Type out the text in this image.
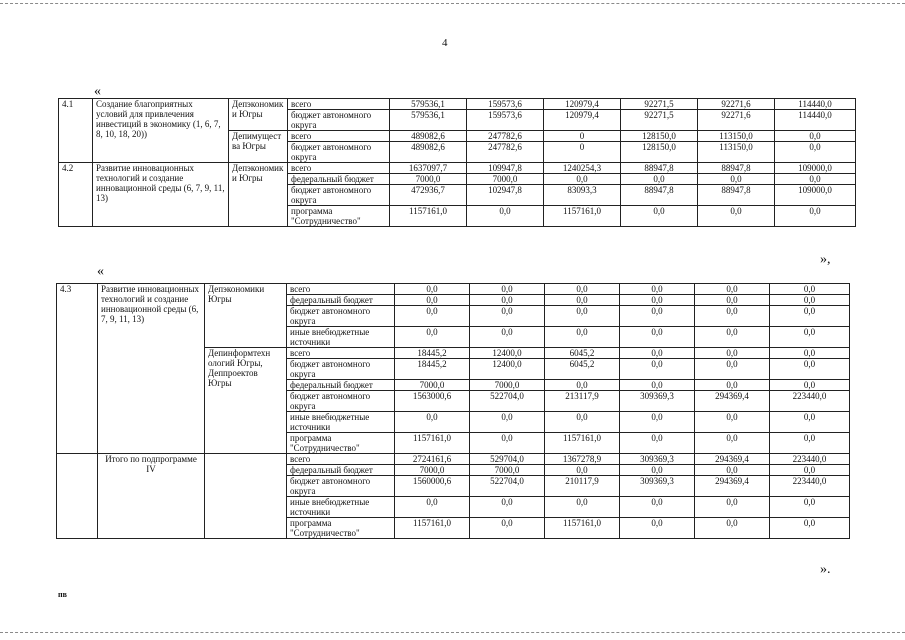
4
«
4.1	Создание благоприятных условий для привлечения инвестиций в экономику (1, 6, 7, 8, 10, 18, 20))	Депэкономик и Югры	всего	579536,1	159573,6	120979,4	92271,5	92271,6	114440,0
			бюджет автономного округа	579536,1	159573,6	120979,4	92271,5	92271,6	114440,0
		Депимущест ва Югры	всего	489082,6	247782,6	0	128150,0	113150,0	0,0
			бюджет автономного округа	489082,6	247782,6	0	128150,0	113150,0	0,0
4.2	Развитие инновационных технологий и создание инновационной среды (6, 7, 9, 11, 13)	Депэкономик и Югры	всего	1637097,7	109947,8	1240254,3	88947,8	88947,8	109000,0
			федеральный бюджет	7000,0	7000,0	0,0	0,0	0,0	0,0
			бюджет автономного округа	472936,7	102947,8	83093,3	88947,8	88947,8	109000,0
			программа "Сотрудничество"	1157161,0	0,0	1157161,0	0,0	0,0	0,0
»,
«
4.3	Развитие инновационных технологий и создание инновационной среды (6, 7, 9, 11, 13)	Депэкономики Югры	всего	0,0	0,0	0,0	0,0	0,0	0,0
			федеральный бюджет	0,0	0,0	0,0	0,0	0,0	0,0
			бюджет автономного округа	0,0	0,0	0,0	0,0	0,0	0,0
			иные внебюджетные источники	0,0	0,0	0,0	0,0	0,0	0,0
		Депинформтехн ологий Югры, Деппроектов Югры	всего	18445,2	12400,0	6045,2	0,0	0,0	0,0
			бюджет автономного округа	18445,2	12400,0	6045,2	0,0	0,0	0,0
			федеральный бюджет	7000,0	7000,0	0,0	0,0	0,0	0,0
			бюджет автономного округа	1563000,6	522704,0	213117,9	309369,3	294369,4	223440,0
			иные внебюджетные источники	0,0	0,0	0,0	0,0	0,0	0,0
			программа "Сотрудничество"	1157161,0	0,0	1157161,0	0,0	0,0	0,0
	Итого по подпрограмме IV		всего	2724161,6	529704,0	1367278,9	309369,3	294369,4	223440,0
			федеральный бюджет	7000,0	7000,0	0,0	0,0	0,0	0,0
			бюджет автономного округа	1560000,6	522704,0	210117,9	309369,3	294369,4	223440,0
			иные внебюджетные источники	0,0	0,0	0,0	0,0	0,0	0,0
			программа "Сотрудничество"	1157161,0	0,0	1157161,0	0,0	0,0	0,0
».
пв
